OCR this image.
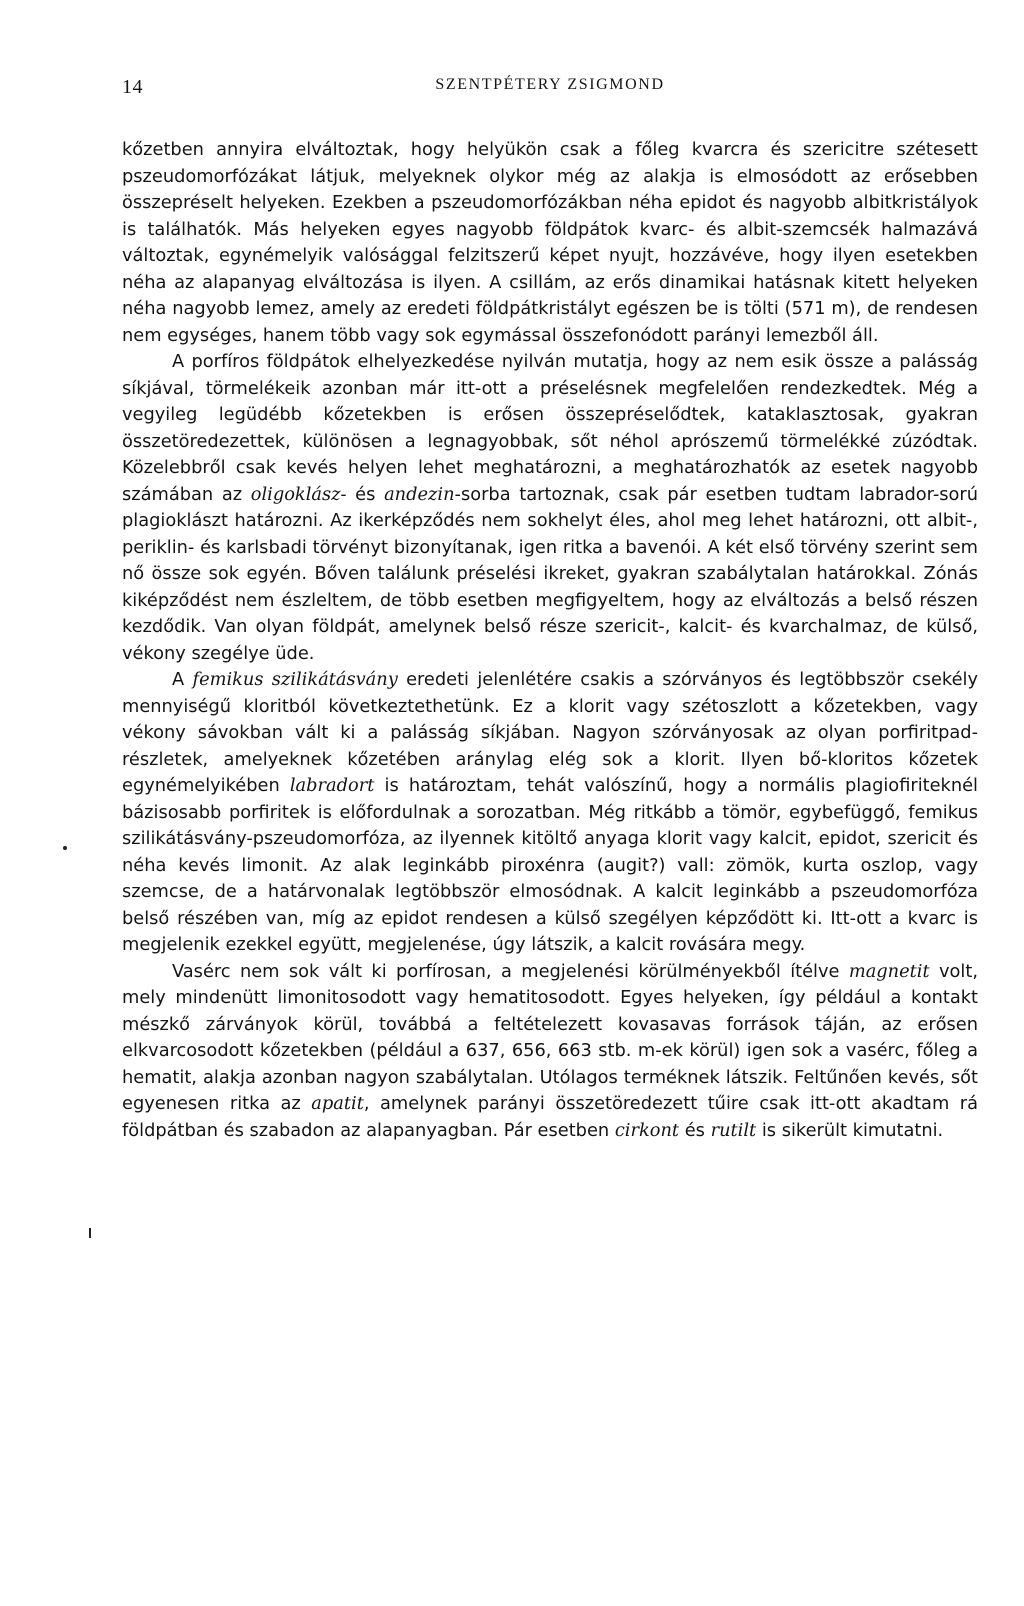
14	SZENTPÉTERY ZSIGMOND

kőzetben annyira elváltoztak, hogy helyükön csak a főleg kvarcra és szericitre szétesett pszeudomorfózákat látjuk, melyeknek olykor még az alakja is elmosódott az erősebben összepréselt helyeken. Ezekben a pszeudomorfózákban néha epidot és nagyobb albitkristályok is találhatók. Más helyeken egyes nagyobb földpátok kvarc- és albit-szemcsék halmazává változtak, egynémelyik valósággal felzitszerű képet nyujt, hozzávéve, hogy ilyen esetekben néha az alapanyag elváltozása is ilyen. A csillám, az erős dinamikai hatásnak kitett helyeken néha nagyobb lemez, amely az eredeti földpátkristályt egészen be is tölti (571 m), de rendesen nem egységes, hanem több vagy sok egymással összefonódott parányi lemezből áll.

A porfíros földpátok elhelyezkedése nyilván mutatja, hogy az nem esik össze a palásság síkjával, törmelékeik azonban már itt-ott a préselésnek megfelelően rendezkedtek. Még a vegyileg legüdébb kőzetekben is erősen összepréselődtek, kataklasztosak, gyakran összetöredezettek, különösen a legnagyobbak, sőt néhol aprószemű törmelékké zúzódtak. Közelebbről csak kevés helyen lehet meghatározni, a meghatározhatók az esetek nagyobb számában az oligoklász- és andezin-sorba tartoznak, csak pár esetben tudtam labrador-sorú plagioklászt határozni. Az ikerképződés nem sokhelyt éles, ahol meg lehet határozni, ott albit-, periklin- és karlsbadi törvényt bizonyítanak, igen ritka a bavenói. A két első törvény szerint sem nő össze sok egyén. Bőven találunk préselési ikreket, gyakran szabálytalan határokkal. Zónás kiképződést nem észleltem, de több esetben megfigyeltem, hogy az elváltozás a belső részen kezdődik. Van olyan földpát, amelynek belső része szericit-, kalcit- és kvarchalmaz, de külső, vékony szegélye üde.

A femikus szilikátásvány eredeti jelenlétére csakis a szórványos és legtöbbször csekély mennyiségű kloritból következtethetünk. Ez a klorit vagy szétoszlott a kőzetekben, vagy vékony sávokban vált ki a palásság síkjában. Nagyon szórványosak az olyan porfiritpad-részletek, amelyeknek kőzetében aránylag elég sok a klorit. Ilyen bő-kloritos kőzetek egynémelyikében labradort is határoztam, tehát valószínű, hogy a normális plagiofiriteknél bázisosabb porfiritek is előfordulnak a sorozatban. Még ritkább a tömör, egybefüggő, femikus szilikátásvány-pszeudomorfóza, az ilyennek kitöltő anyaga klorit vagy kalcit, epidot, szericit és néha kevés limonit. Az alak leginkább piroxénra (augit?) vall: zömök, kurta oszlop, vagy szemcse, de a határvonalak legtöbbször elmosódnak. A kalcit leginkább a pszeudomorfóza belső részében van, míg az epidot rendesen a külső szegélyen képződött ki. Itt-ott a kvarc is megjelenik ezekkel együtt, megjelenése, úgy látszik, a kalcit rovására megy.

Vasérc nem sok vált ki porfírosan, a megjelenési körülményekből ítélve magnetit volt, mely mindenütt limonitosodott vagy hematitosodott. Egyes helyeken, így például a kontakt mészkő zárványok körül, továbbá a feltételezett kovasavas források táján, az erősen elkvarcosodott kőzetekben (például a 637, 656, 663 stb. m-ek körül) igen sok a vasérc, főleg a hematit, alakja azonban nagyon szabálytalan. Utólagos terméknek látszik. Feltűnően kevés, sőt egyenesen ritka az apatit, amelynek parányi összetöredezett tűire csak itt-ott akadtam rá földpátban és szabadon az alapanyagban. Pár esetben cirkont és rutilt is sikerült kimutatni.
